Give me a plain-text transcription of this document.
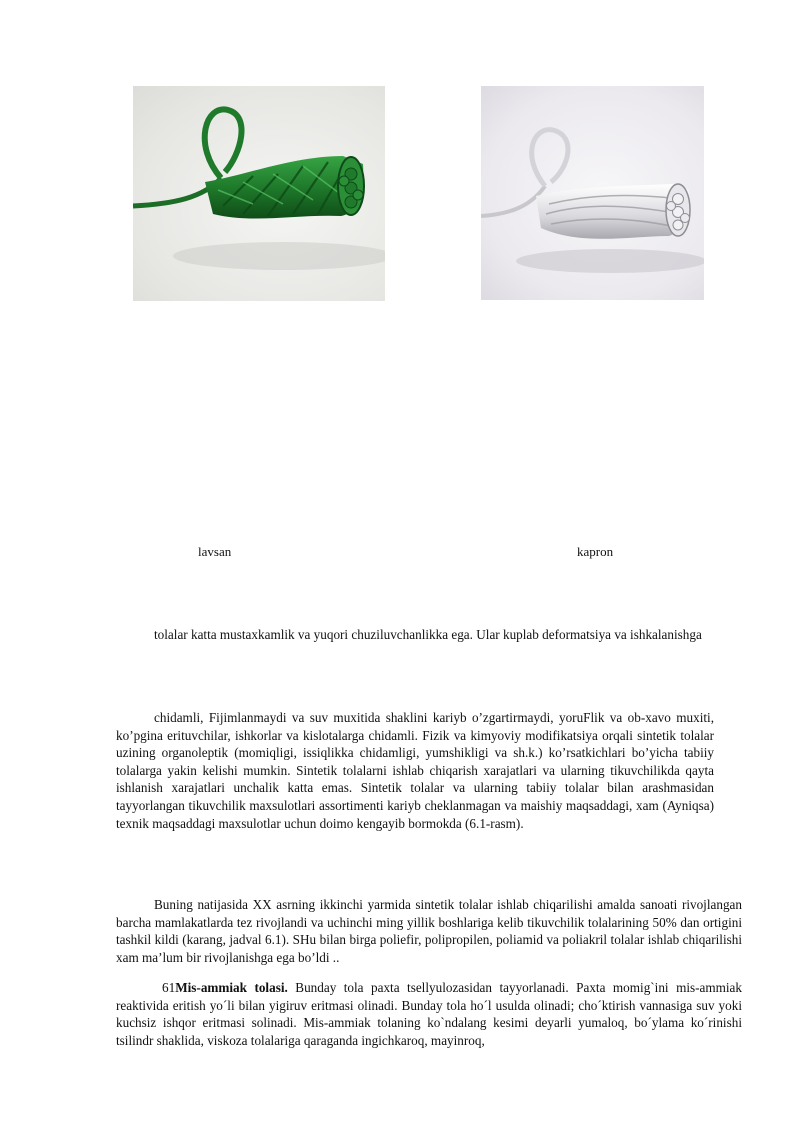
lavsan	kapron

tolalar katta mustaxkamlik va yuqori chuziluvchanlikka ega. Ular kuplab deformatsiya va ishkalanishga

chidamli, Fijimlanmaydi va suv muxitida shaklini kariyb o’zgartirmaydi, yoruFlik va ob-xavo muxiti, ko’pgina erituvchilar, ishkorlar va kislotalarga chidamli. Fizik va kimyoviy modifikatsiya orqali sintetik tolalar uzining organoleptik (momiqligi, issiqlikka chidamligi, yumshikligi va sh.k.) ko’rsatkichlari bo’yicha tabiiy tolalarga yakin kelishi mumkin. Sintetik tolalarni ishlab chiqarish xarajatlari va ularning tikuvchilikda qayta ishlanish xarajatlari unchalik katta emas. Sintetik tolalar va ularning tabiiy tolalar bilan arashmasidan tayyorlangan tikuvchilik maxsulotlari assortimenti kariyb cheklanmagan va maishiy maqsaddagi, xam (Ayniqsa) texnik maqsaddagi maxsulotlar uchun doimo kengayib bormokda (6.1-rasm).

Buning natijasida XX asrning ikkinchi yarmida sintetik tolalar ishlab chiqarilishi amalda sanoati rivojlangan barcha mamlakatlarda tez rivojlandi va uchinchi ming yillik boshlariga kelib tikuvchilik tolalarining 50% dan ortigini tashkil kildi (karang, jadval 6.1). SHu bilan birga poliefir, polipropilen, poliamid va poliakril tolalar ishlab chiqarilishi xam ma’lum bir rivojlanishga ega bo’ldi ..

61Mis-ammiak tolasi. Bunday tola paxta tsellyulozasidan tayyorlanadi. Paxta momig`ini mis-ammiak reaktivida eritish yo´li bilan yigiruv eritmasi olinadi. Bunday tola ho´l usulda olinadi; cho´ktirish vannasiga suv yoki kuchsiz ishqor eritmasi solinadi. Mis-ammiak tolaning ko`ndalang kesimi deyarli yumaloq, bo´ylama ko´rinishi tsilindr shaklida, viskoza tolalariga qaraganda ingichkaroq, mayinroq,
